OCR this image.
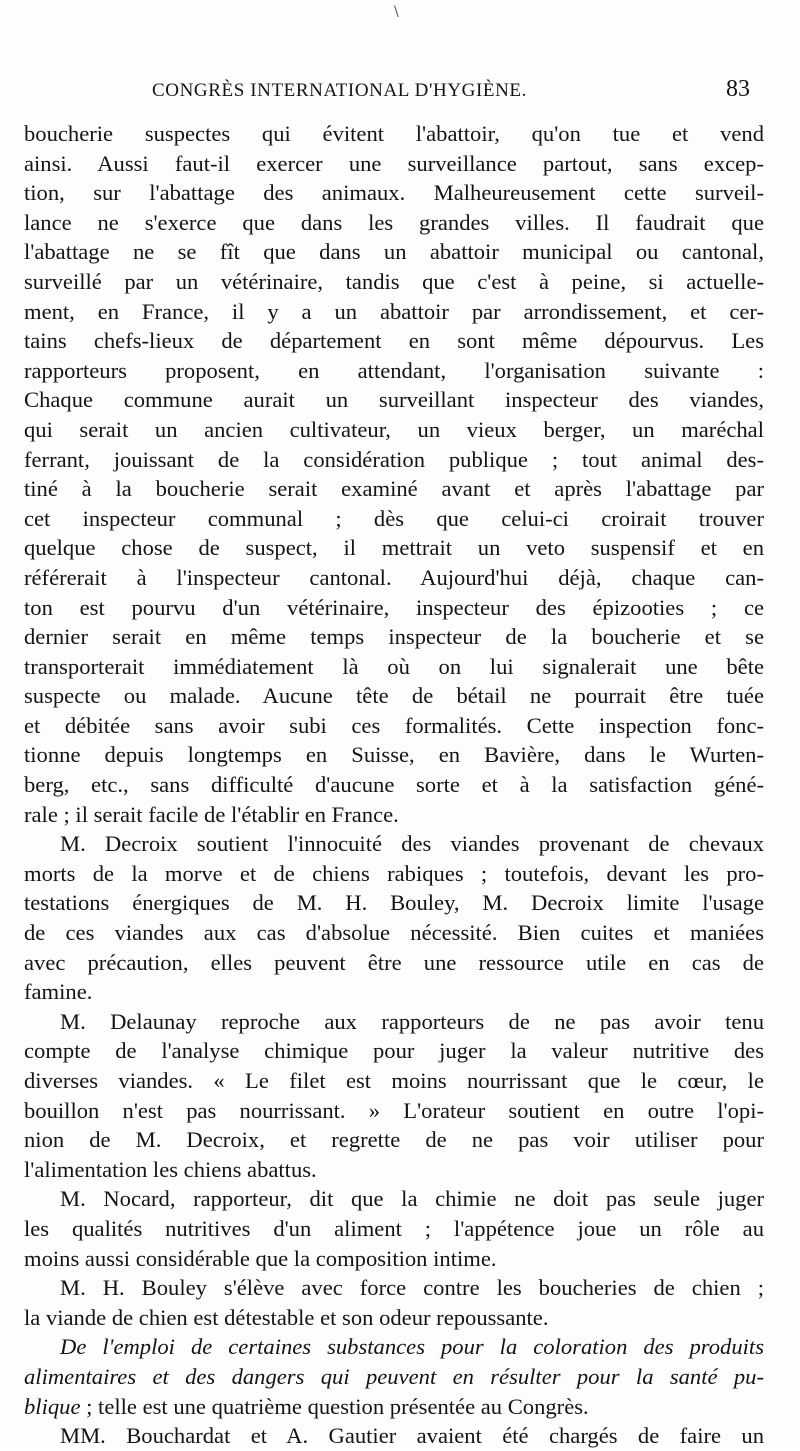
\
CONGRÈS INTERNATIONAL D'HYGIÈNE.	83
boucherie suspectes qui évitent l'abattoir, qu'on tue et vend
ainsi. Aussi faut-il exercer une surveillance partout, sans excep-
tion, sur l'abattage des animaux. Malheureusement cette surveil-
lance ne s'exerce que dans les grandes villes. Il faudrait que
l'abattage ne se fît que dans un abattoir municipal ou cantonal,
surveillé par un vétérinaire, tandis que c'est à peine, si actuelle-
ment, en France, il y a un abattoir par arrondissement, et cer-
tains chefs-lieux de département en sont même dépourvus. Les
rapporteurs proposent, en attendant, l'organisation suivante :
Chaque commune aurait un surveillant inspecteur des viandes,
qui serait un ancien cultivateur, un vieux berger, un maréchal
ferrant, jouissant de la considération publique ; tout animal des-
tiné à la boucherie serait examiné avant et après l'abattage par
cet inspecteur communal ; dès que celui-ci croirait trouver
quelque chose de suspect, il mettrait un veto suspensif et en
référerait à l'inspecteur cantonal. Aujourd'hui déjà, chaque can-
ton est pourvu d'un vétérinaire, inspecteur des épizooties ; ce
dernier serait en même temps inspecteur de la boucherie et se
transporterait immédiatement là où on lui signalerait une bête
suspecte ou malade. Aucune tête de bétail ne pourrait être tuée
et débitée sans avoir subi ces formalités. Cette inspection fonc-
tionne depuis longtemps en Suisse, en Bavière, dans le Wurten-
berg, etc., sans difficulté d'aucune sorte et à la satisfaction géné-
rale ; il serait facile de l'établir en France.
M. Decroix soutient l'innocuité des viandes provenant de chevaux
morts de la morve et de chiens rabiques ; toutefois, devant les pro-
testations énergiques de M. H. Bouley, M. Decroix limite l'usage
de ces viandes aux cas d'absolue nécessité. Bien cuites et maniées
avec précaution, elles peuvent être une ressource utile en cas de
famine.
M. Delaunay reproche aux rapporteurs de ne pas avoir tenu
compte de l'analyse chimique pour juger la valeur nutritive des
diverses viandes. « Le filet est moins nourrissant que le cœur, le
bouillon n'est pas nourrissant. » L'orateur soutient en outre l'opi-
nion de M. Decroix, et regrette de ne pas voir utiliser pour
l'alimentation les chiens abattus.
M. Nocard, rapporteur, dit que la chimie ne doit pas seule juger
les qualités nutritives d'un aliment ; l'appétence joue un rôle au
moins aussi considérable que la composition intime.
M. H. Bouley s'élève avec force contre les boucheries de chien ;
la viande de chien est détestable et son odeur repoussante.
De l'emploi de certaines substances pour la coloration des produits
alimentaires et des dangers qui peuvent en résulter pour la santé pu-
blique ; telle est une quatrième question présentée au Congrès.
MM. Bouchardat et A. Gautier avaient été chargés de faire un
